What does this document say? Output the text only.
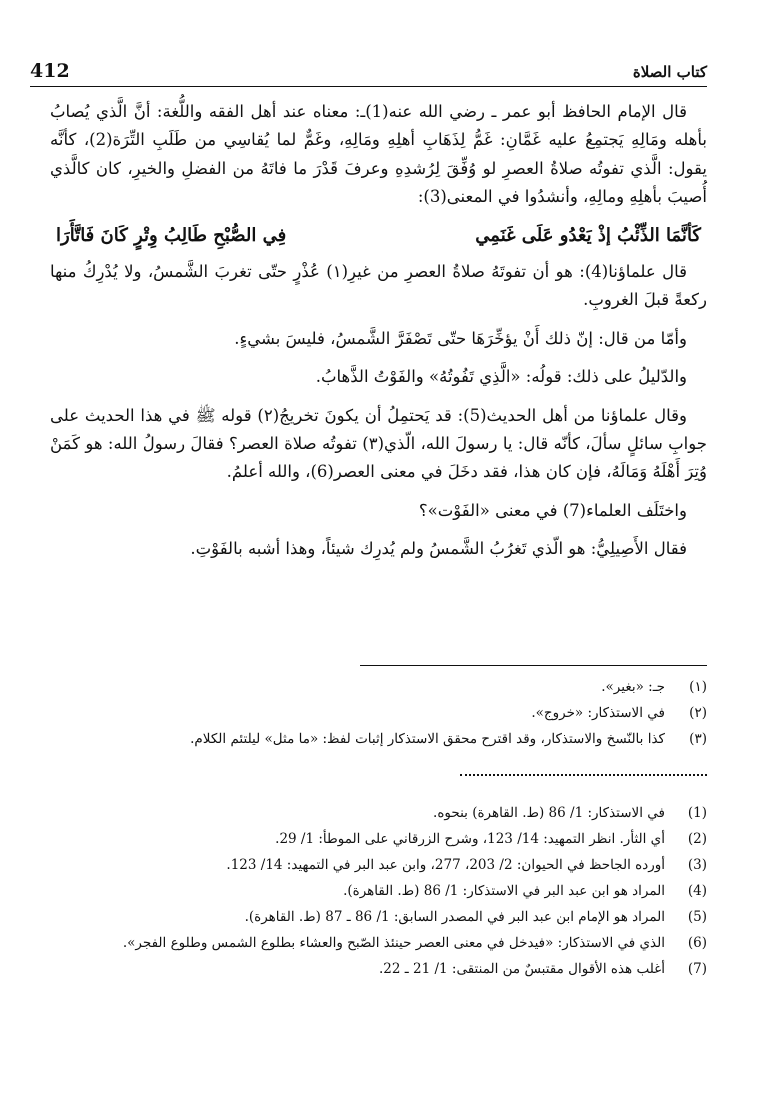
412	كتاب الصلاة

قال الإمام الحافظ أبو عمر ـ رضي الله عنه(1)ـ: معناه عند أهل الفقه واللُّغة: أنَّ الَّذي يُصابُ بأهله ومَالِهِ يَجتمِعُ عليه غَمَّانِ: غَمُّ لِذَهَابِ أهلِهِ ومَالِهِ، وغَمٌّ لما يُقاسِي من طَلَبِ التِّرَة(2)، كأنَّه يقول: الَّذي تفوتُه صلاةُ العصرِ لو وُفِّقَ لِرُشدِهِ وعرفَ قَدْرَ ما فاتَهُ من الفضلِ والخيرِ، كان كالَّذي أُصيبَ بأهلِهِ ومالِهِ، وأنشدُوا في المعنى(3):

كَأنَّمَا الذِّئْبُ إذْ يَعْدُو عَلَى غَنَمِي
فِي الصُّبْحِ طَالِبُ وِتْرٍ كَانَ فَاتَّأَرَا

قال علماؤنا(4): هو أن تفوتَهُ صلاةُ العصرِ من غيرِ(١) عُذْرٍ حتّى تغربَ الشَّمسُ، ولا يُدْرِكُ منها ركعةً قبلَ الغروبِ.

وأمّا من قال: إنّ ذلك أَنْ يؤخِّرَهَا حتّى تَصْفَرَّ الشَّمسُ، فليسَ بشيءٍ.

والدّليلُ على ذلك: قولُه: «الَّذِي تَفُوتُهُ» والفَوْتُ الذَّهابُ.

وقال علماؤنا من أهل الحديث(5): قد يَحتمِلُ أن يكونَ تخريجُ(٢) قوله ﷺ في هذا الحديث على جوابِ سائلٍ سألَ، كأنّه قال: يا رسولَ الله، الّذي(٣) تفوتُه صلاة العصر؟ فقالَ رسولُ الله: هو كَمَنْ وُتِرَ أَهْلَهُ وَمَالَهُ، فإن كان هذا، فقد دخَلَ في معنى العصر(6)، والله أعلمُ.

واختَلَف العلماء(7) في معنى «الفَوْت»؟

فقال الأَصِيلِيُّ: هو الّذي تَغرُبُ الشَّمسُ ولم يُدرِك شيئاً، وهذا أشبه بالفَوْتِ.

(١)
جـ: «بغير».
(٢)
في الاستذكار: «خروج».
(٣)
كذا بالنّسخ والاستذكار، وقد اقترح محقق الاستذكار إثبات لفظ: «ما مثل» ليلتئم الكلام.
(1)
في الاستذكار: 1/ 86 (ط. القاهرة) بنحوه.
(2)
أي الثأر. انظر التمهيد: 14/ 123، وشرح الزرقاني على الموطأ: 1/ 29.
(3)
أورده الجاحظ في الحيوان: 2/ 203، 277، وابن عبد البر في التمهيد: 14/ 123.
(4)
المراد هو ابن عبد البر في الاستذكار: 1/ 86 (ط. القاهرة).
(5)
المراد هو الإمام ابن عبد البر في المصدر السابق: 1/ 86 ـ 87 (ط. القاهرة).
(6)
الذي في الاستذكار: «فيدخل في معنى العصر حينئذ الصّبح والعشاء بطلوع الشمس وطلوع الفجر».
(7)
أغلب هذه الأقوال مقتبسٌ من المنتقى: 1/ 21 ـ 22.
